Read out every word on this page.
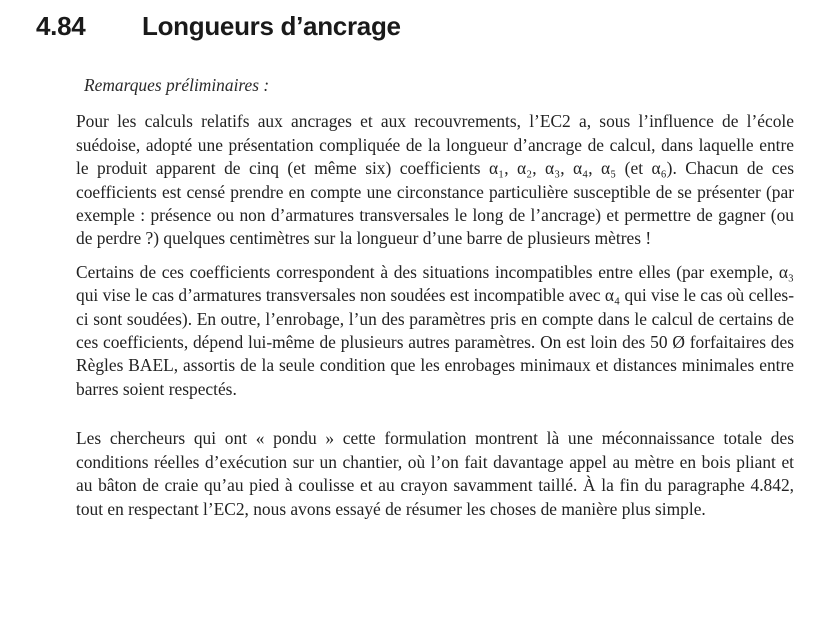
4.84	Longueurs d’ancrage
Remarques préliminaires :

Pour les calculs relatifs aux ancrages et aux recouvrements, l’EC2 a, sous l’influence de l’école suédoise, adopté une présentation compliquée de la longueur d’ancrage de calcul, dans laquelle entre le produit apparent de cinq (et même six) coefficients α₁, α₂, α₃, α₄, α₅ (et α₆). Chacun de ces coefficients est censé prendre en compte une circonstance particulière susceptible de se présenter (par exemple : présence ou non d’armatures transversales le long de l’ancrage) et permettre de gagner (ou de perdre ?) quelques centimètres sur la longueur d’une barre de plusieurs mètres !

Certains de ces coefficients correspondent à des situations incompatibles entre elles (par exemple, α₃ qui vise le cas d’armatures transversales non soudées est incompatible avec α₄ qui vise le cas où celles-ci sont soudées). En outre, l’enrobage, l’un des paramètres pris en compte dans le calcul de certains de ces coefficients, dépend lui-même de plusieurs autres paramètres. On est loin des 50 Ø forfaitaires des Règles BAEL, assortis de la seule condition que les enrobages minimaux et distances minimales entre barres soient respectés.

Les chercheurs qui ont « pondu » cette formulation montrent là une méconnaissance totale des conditions réelles d’exécution sur un chantier, où l’on fait davantage appel au mètre en bois pliant et au bâton de craie qu’au pied à coulisse et au crayon savamment taillé. À la fin du paragraphe 4.842, tout en respectant l’EC2, nous avons essayé de résumer les choses de manière plus simple.
